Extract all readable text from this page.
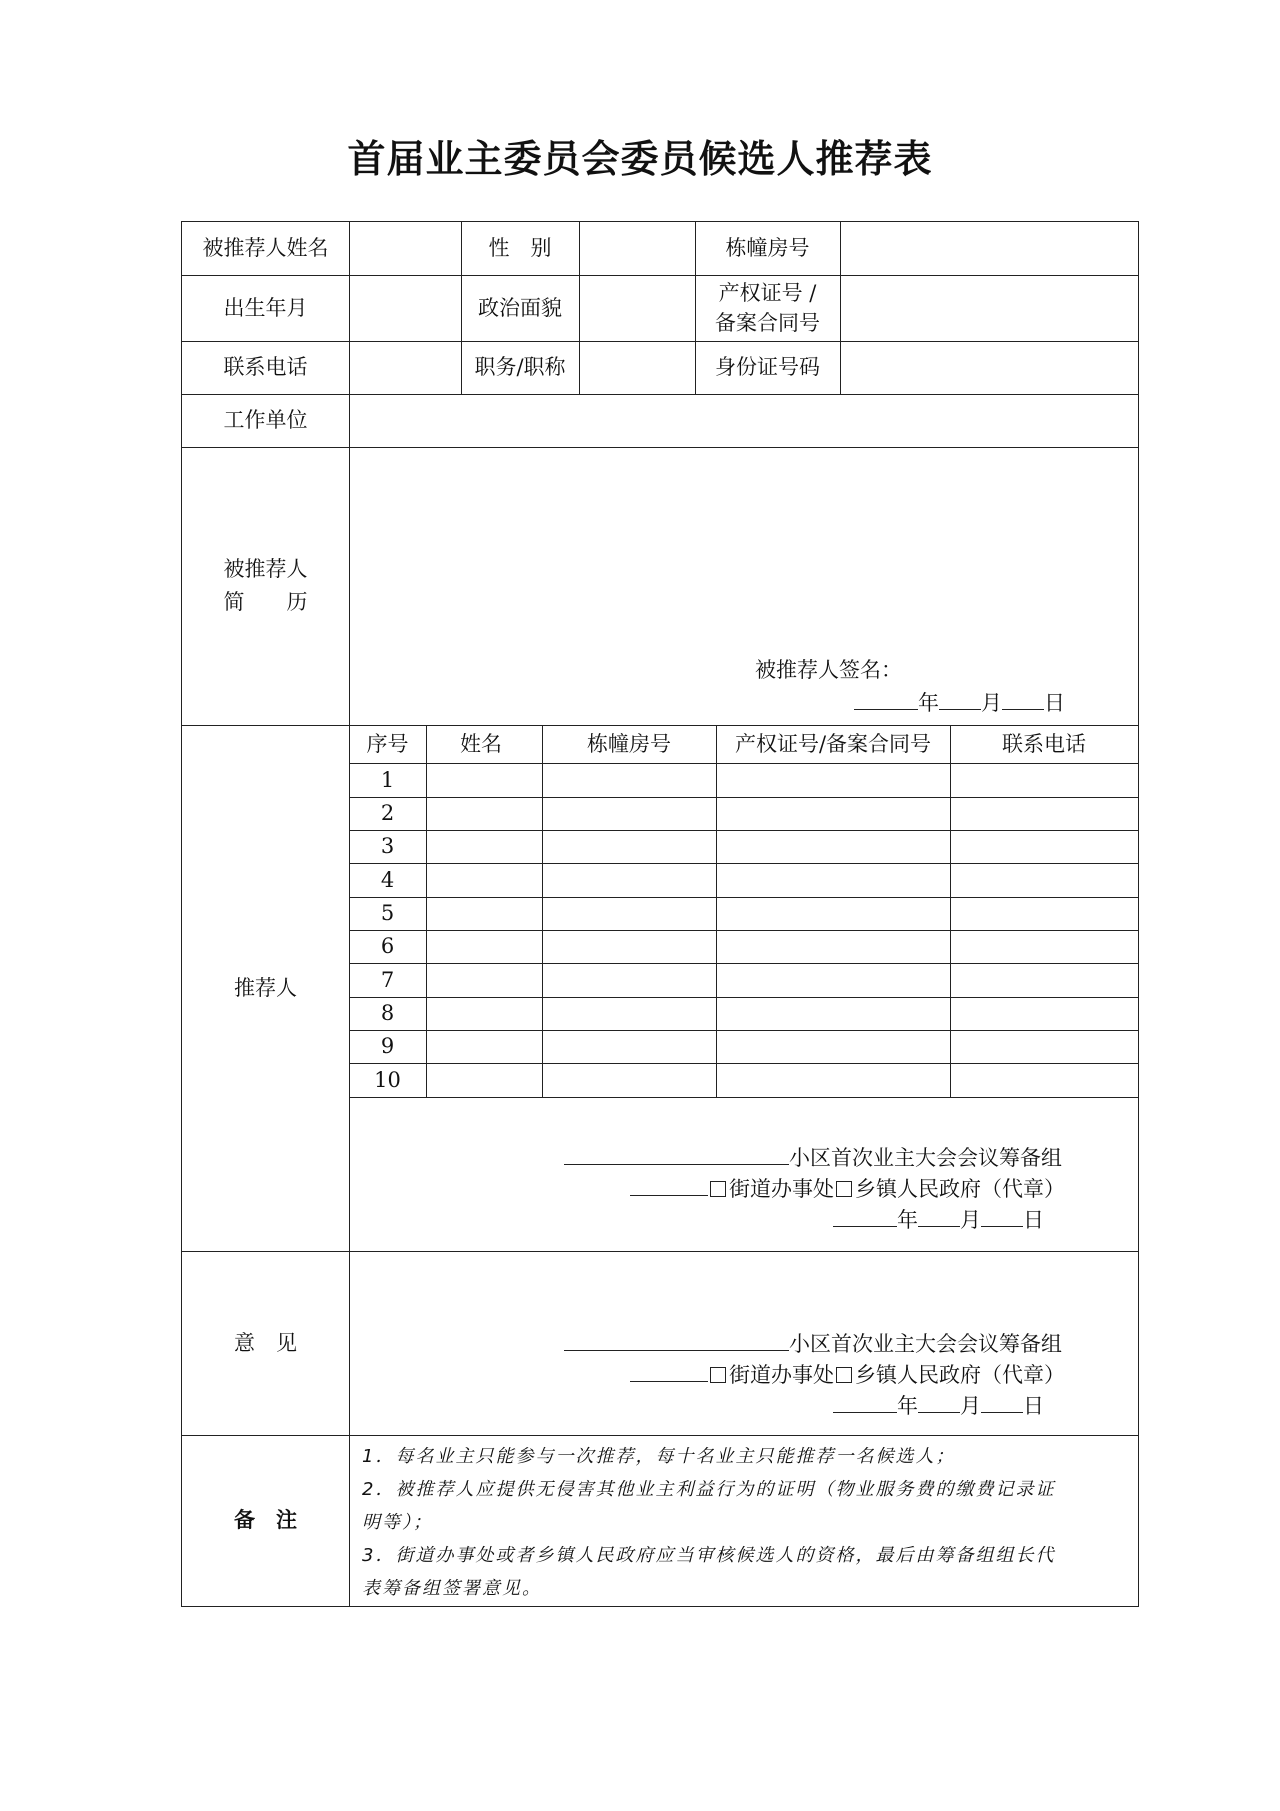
首届业主委员会委员候选人推荐表
被推荐人姓名	性　别	栋幢房号
出生年月	政治面貌
产权证号 /
备案合同号
联系电话	职务/职称	身份证号码
工作单位
被推荐人
简　　历
被推荐人签名：
年 月 日
推荐人
序号	姓名	栋幢房号	产权证号/备案合同号	联系电话
1
2
3
4
5
6
7
8
9
10
小区首次业主大会会议筹备组
街道办事处 乡镇人民政府（代章）
年 月 日
意　见	小区首次业主大会会议筹备组
街道办事处 乡镇人民政府（代章）
年 月 日
备　注
1．每名业主只能参与一次推荐，每十名业主只能推荐一名候选人；
2．被推荐人应提供无侵害其他业主利益行为的证明（物业服务费的缴费记录证
明等）；
3．街道办事处或者乡镇人民政府应当审核候选人的资格，最后由筹备组组长代
表筹备组签署意见。
